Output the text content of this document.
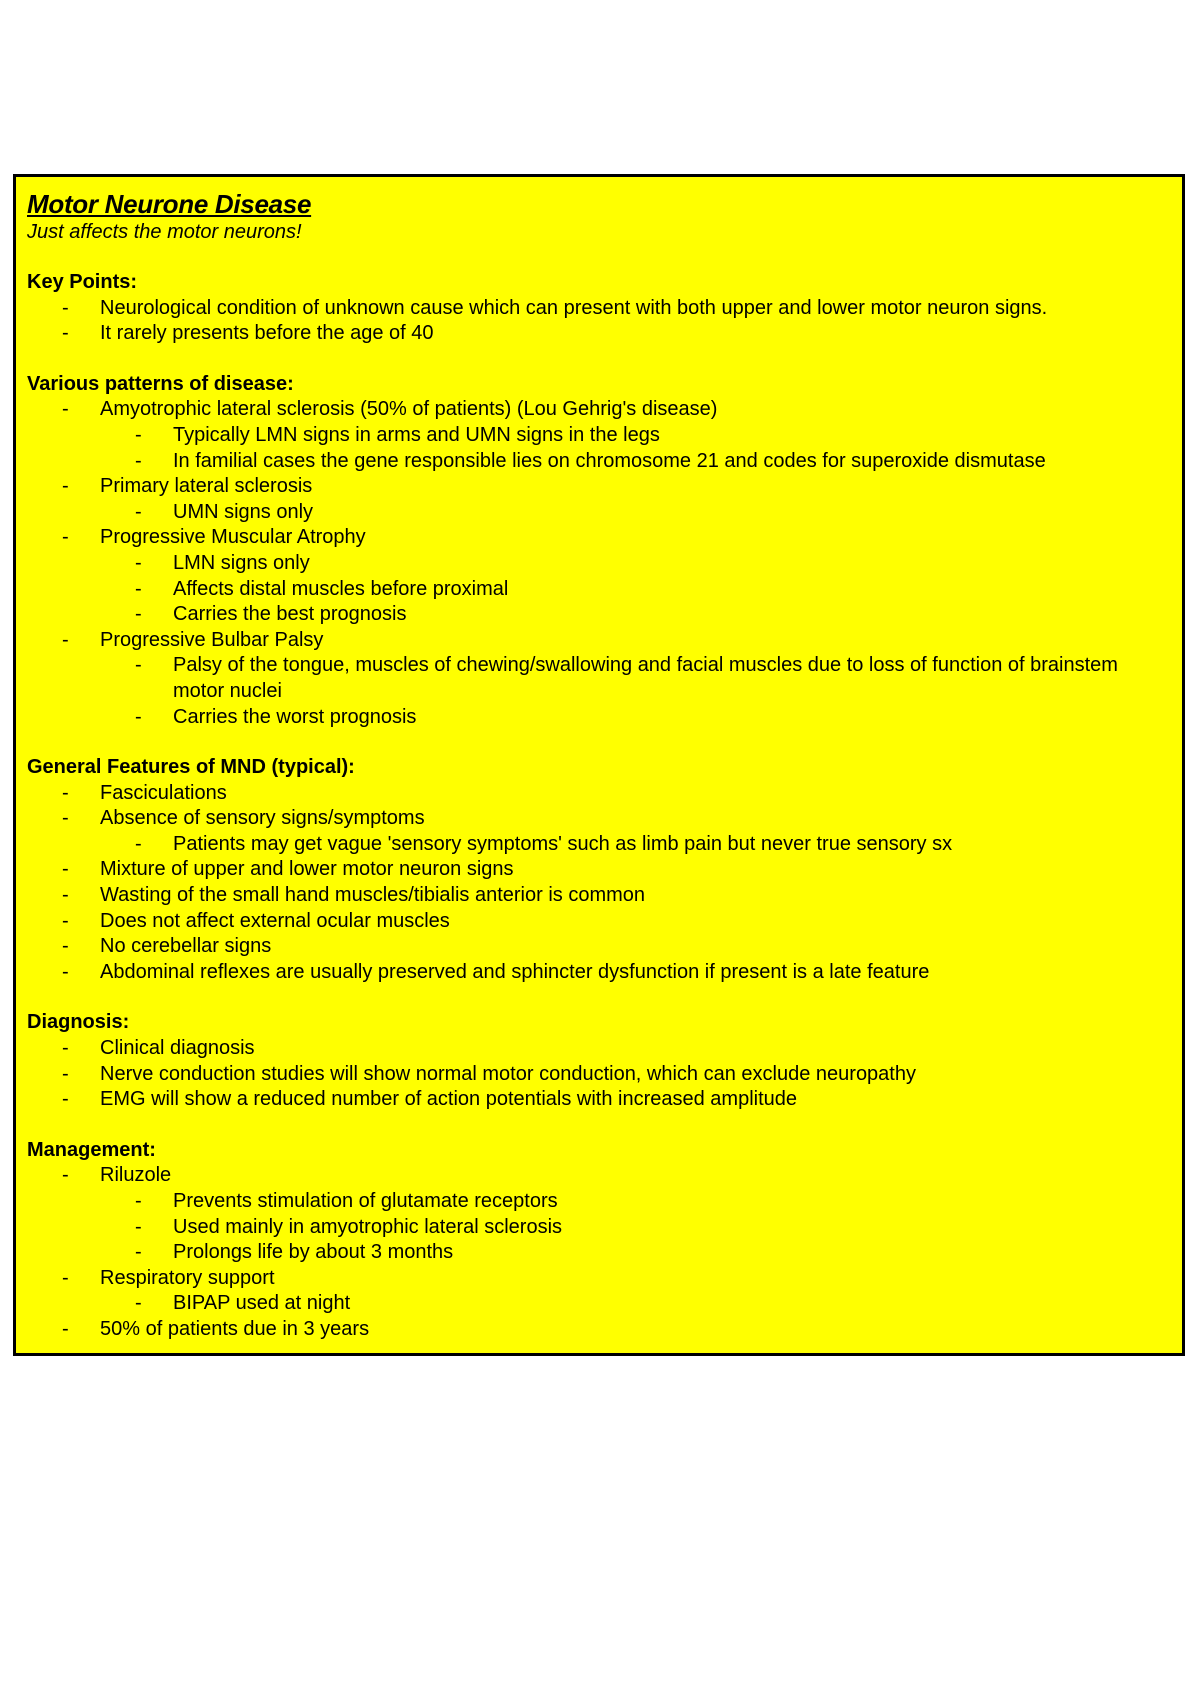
Motor Neurone Disease
Just affects the motor neurons!
Key Points:
- Neurological condition of unknown cause which can present with both upper and lower motor neuron signs.
- It rarely presents before the age of 40
Various patterns of disease:
- Amyotrophic lateral sclerosis (50% of patients) (Lou Gehrig's disease)
- Typically LMN signs in arms and UMN signs in the legs
- In familial cases the gene responsible lies on chromosome 21 and codes for superoxide dismutase
- Primary lateral sclerosis
- UMN signs only
- Progressive Muscular Atrophy
- LMN signs only
- Affects distal muscles before proximal
- Carries the best prognosis
- Progressive Bulbar Palsy
- Palsy of the tongue, muscles of chewing/swallowing and facial muscles due to loss of function of brainstem motor nuclei
- Carries the worst prognosis
General Features of MND (typical):
- Fasciculations
- Absence of sensory signs/symptoms
- Patients may get vague 'sensory symptoms' such as limb pain but never true sensory sx
- Mixture of upper and lower motor neuron signs
- Wasting of the small hand muscles/tibialis anterior is common
- Does not affect external ocular muscles
- No cerebellar signs
- Abdominal reflexes are usually preserved and sphincter dysfunction if present is a late feature
Diagnosis:
- Clinical diagnosis
- Nerve conduction studies will show normal motor conduction, which can exclude neuropathy
- EMG will show a reduced number of action potentials with increased amplitude
Management:
- Riluzole
- Prevents stimulation of glutamate receptors
- Used mainly in amyotrophic lateral sclerosis
- Prolongs life by about 3 months
- Respiratory support
- BIPAP used at night
- 50% of patients due in 3 years
